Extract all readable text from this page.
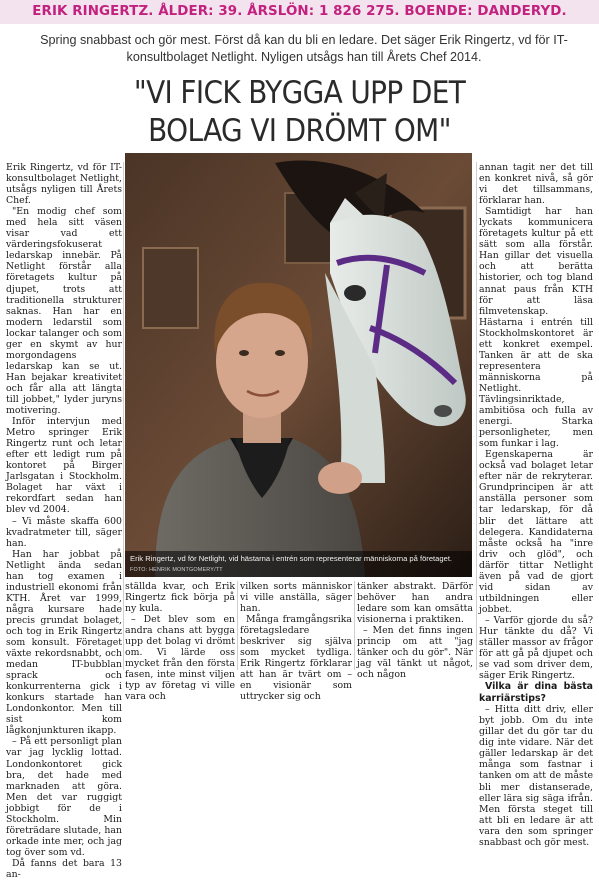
ERIK RINGERTZ. ÅLDER: 39. ÅRSLÖN: 1 826 275. BOENDE: DANDERYD.
Spring snabbast och gör mest. Först då kan du bli en ledare. Det säger Erik Ringertz, vd för IT-konsultbolaget Netlight. Nyligen utsågs han till Årets Chef 2014.
"VI FICK BYGGA UPP DET
BOLAG VI DRÖMT OM"

Erik Ringertz, vd för IT-konsultbolaget Netlight, utsågs nyligen till Årets Chef.

"En modig chef som med hela sitt väsen visar vad ett värderingsfokuserat ledarskap innebär. På Netlight förstår alla företagets kultur på djupet, trots att traditionella strukturer saknas. Han har en modern ledarstil som lockar talanger och som ger en skymt av hur morgondagens ledarskap kan se ut. Han bejakar kreativitet och får alla att längta till jobbet," lyder juryns motivering.

Inför intervjun med Metro springer Erik Ringertz runt och letar efter ett ledigt rum på kontoret på Birger Jarlsgatan i Stockholm. Bolaget har växt i rekordfart sedan han blev vd 2004.

– Vi måste skaffa 600 kvadratmeter till, säger han.

Han har jobbat på Netlight ända sedan han tog examen i industriell ekonomi från KTH. Året var 1999, några kursare hade precis grundat bolaget, och tog in Erik Ringertz som konsult. Företaget växte rekordsnabbt, och medan IT-bubblan sprack och konkurrenterna gick i konkurs startade han Londonkontor. Men till sist kom lågkonjunkturen ikapp.

– På ett personligt plan var jag lycklig lottad. Londonkontoret gick bra, det hade med marknaden att göra. Men det var ruggigt jobbigt för de i Stockholm. Min företrädare slutade, han orkade inte mer, och jag tog över som vd.

Då fanns det bara 13 an-

Erik Ringertz, vd för Netlight, vid hästarna i entrén som representerar människorna på företaget.
FOTO: HENRIK MONTGOMERY/TT

ställda kvar, och Erik Ringertz fick börja på ny kula.

– Det blev som en andra chans att bygga upp det bolag vi drömt om. Vi lärde oss mycket från den första fasen, inte minst viljen typ av företag vi ville vara och

vilken sorts människor vi ville anställa, säger han.

Många framgångsrika företagsledare beskriver sig själva som mycket tydliga. Erik Ringertz förklarar att han är tvärt om – en visionär som uttrycker sig och

tänker abstrakt. Därför behöver han andra ledare som kan omsätta visionerna i praktiken.

– Men det finns ingen princip om att "jag tänker och du gör". När jag väl tänkt ut något, och någon

annan tagit ner det till en konkret nivå, så gör vi det tillsammans, förklarar han.

Samtidigt har han lyckats kommunicera företagets kultur på ett sätt som alla förstår. Han gillar det visuella och att berätta historier, och tog bland annat paus från KTH för att läsa filmvetenskap. Hästarna i entrén till Stockholmskontoret är ett konkret exempel. Tanken är att de ska representera människorna på Netlight. Tävlingsinriktade, ambitiösa och fulla av energi. Starka personligheter, men som funkar i lag.

Egenskaperna är också vad bolaget letar efter när de rekryterar. Grundprincipen är att anställa personer som tar ledarskap, för då blir det lättare att delegera. Kandidaterna måste också ha "inre driv och glöd", och därför tittar Netlight även på vad de gjort vid sidan av utbildningen eller jobbet.

– Varför gjorde du så? Hur tänkte du då? Vi ställer massor av frågor för att gå på djupet och se vad som driver dem, säger Erik Ringertz.

Vilka är dina bästa karriärstips?

– Hitta ditt driv, eller byt jobb. Om du inte gillar det du gör tar du dig inte vidare. När det gäller ledarskap är det många som fastnar i tanken om att de måste bli mer distanserade, eller lära sig säga ifrån. Men första steget till att bli en ledare är att vara den som springer snabbast och gör mest.
